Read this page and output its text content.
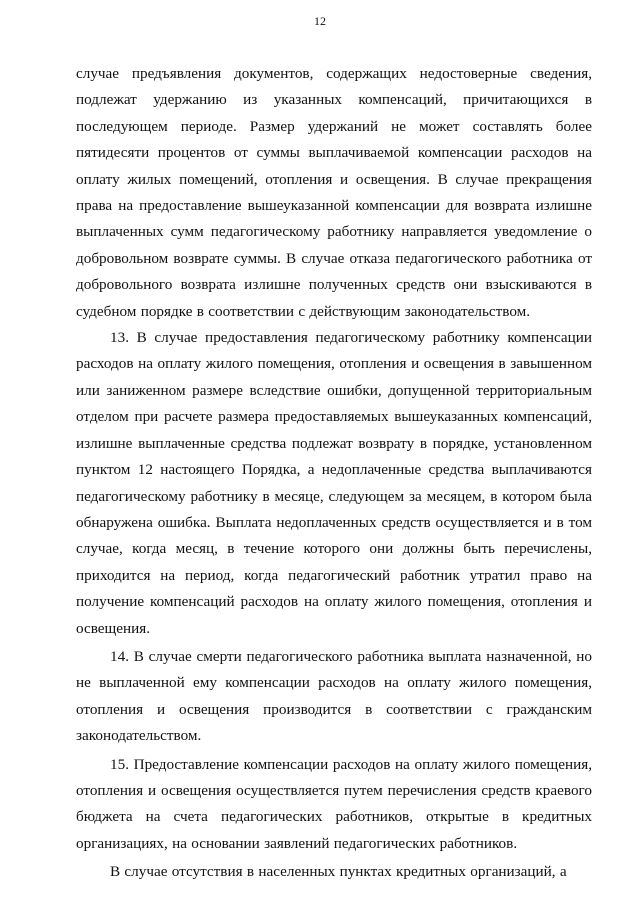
12

случае предъявления документов, содержащих недостоверные сведения, подлежат удержанию из указанных компенсаций, причитающихся в последующем периоде. Размер удержаний не может составлять более пятидесяти процентов от суммы выплачиваемой компенсации расходов на оплату жилых помещений, отопления и освещения. В случае прекращения права на предоставление вышеуказанной компенсации для возврата излишне выплаченных сумм педагогическому работнику направляется уведомление о добровольном возврате суммы. В случае отказа педагогического работника от добровольного возврата излишне полученных средств они взыскиваются в судебном порядке в соответствии с действующим законодательством.

13. В случае предоставления педагогическому работнику компенсации расходов на оплату жилого помещения, отопления и освещения в завышенном или заниженном размере вследствие ошибки, допущенной территориальным отделом при расчете размера предоставляемых вышеуказанных компенсаций, излишне выплаченные средства подлежат возврату в порядке, установленном пунктом 12 настоящего Порядка, а недоплаченные средства выплачиваются педагогическому работнику в месяце, следующем за месяцем, в котором была обнаружена ошибка. Выплата недоплаченных средств осуществляется и в том случае, когда месяц, в течение которого они должны быть перечислены, приходится на период, когда педагогический работник утратил право на получение компенсаций расходов на оплату жилого помещения, отопления и освещения.

14. В случае смерти педагогического работника выплата назначенной, но не выплаченной ему компенсации расходов на оплату жилого помещения, отопления и освещения производится в соответствии с гражданским законодательством.

15. Предоставление компенсации расходов на оплату жилого помещения, отопления и освещения осуществляется путем перечисления средств краевого бюджета на счета педагогических работников, открытые в кредитных организациях, на основании заявлений педагогических работников.

В случае отсутствия в населенных пунктах кредитных организаций, а
